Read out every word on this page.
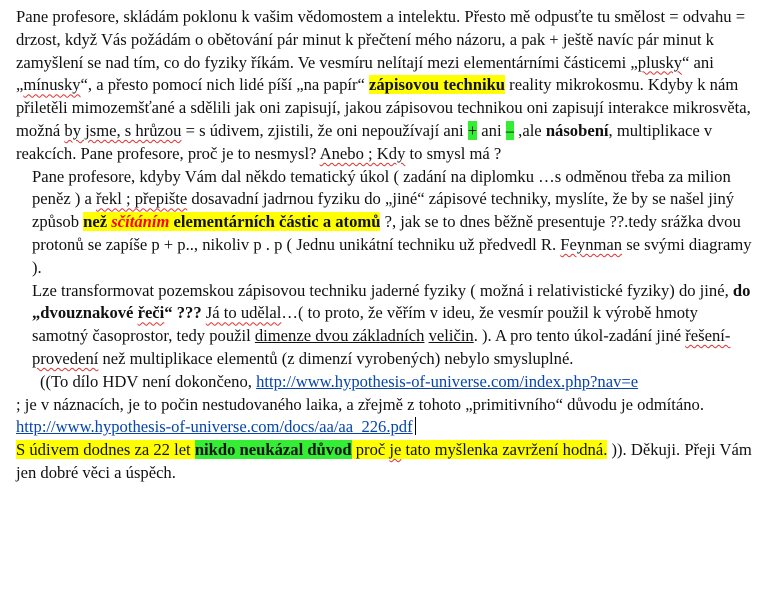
Pane profesore, skládám poklonu k vašim vědomostem a intelektu. Přesto mě odpusťte tu smělost = odvahu = drzost, když Vás požádám o obětování pár minut k přečtení mého názoru, a pak + ještě navíc pár minut k zamyšlení se nad tím, co do fyziky říkám. Ve vesmíru nelítají mezi elementárními částicemi „plusky“ ani „mínusky“, a přesto pomocí nich lidé píší „na papír“ zápisovou techniku reality mikrokosmu. Kdyby k nám přiletěli mimozemšťané a sdělili jak oni zapisují, jakou zápisovou technikou oni zapisují interakce mikrosvěta, možná by jsme, s hrůzou = s údivem, zjistili, že oni nepoužívají ani + ani – ,ale násobení, multiplikace v reakcích. Pane profesore, proč je to nesmysl? Anebo ; Kdy to smysl má ?
Pane profesore, kdyby Vám dal někdo tematický úkol ( zadání na diplomku …s odměnou třeba za milion peněz ) a řekl ; přepište dosavadní jadrnou fyziku do „jiné“ zápisové techniky, myslíte, že by se našel jiný způsob než sčítáním elementárních částic a atomů ?, jak se to dnes běžně presentuje ??.tedy srážka dvou protonů se zapíše p + p.., nikoliv p . p ( Jednu unikátní techniku už předvedl R. Feynman se svými diagramy ).
Lze transformovat pozemskou zápisovou techniku jaderné fyziky ( možná i relativistické fyziky) do jiné, do „dvouznakové řeči“ ??? Já to udělal…( to proto, že věřím v ideu, že vesmír použil k výrobě hmoty samotný časoprostor, tedy použil dimenze dvou základních veličin. ). A pro tento úkol-zadání jiné řešení-provedení než multiplikace elementů (z dimenzí vyrobených) nebylo smysluplné.
((To dílo HDV není dokončeno, http://www.hypothesis-of-universe.com/index.php?nav=e
; je v náznacích, je to počin nestudovaného laika, a zřejmě z tohoto „primitivního“ důvodu je odmítáno.
http://www.hypothesis-of-universe.com/docs/aa/aa_226.pdf
S údivem dodnes za 22 let nikdo neukázal důvod proč je tato myšlenka zavržení hodná. )). Děkuji. Přeji Vám jen dobré věci a úspěch.
